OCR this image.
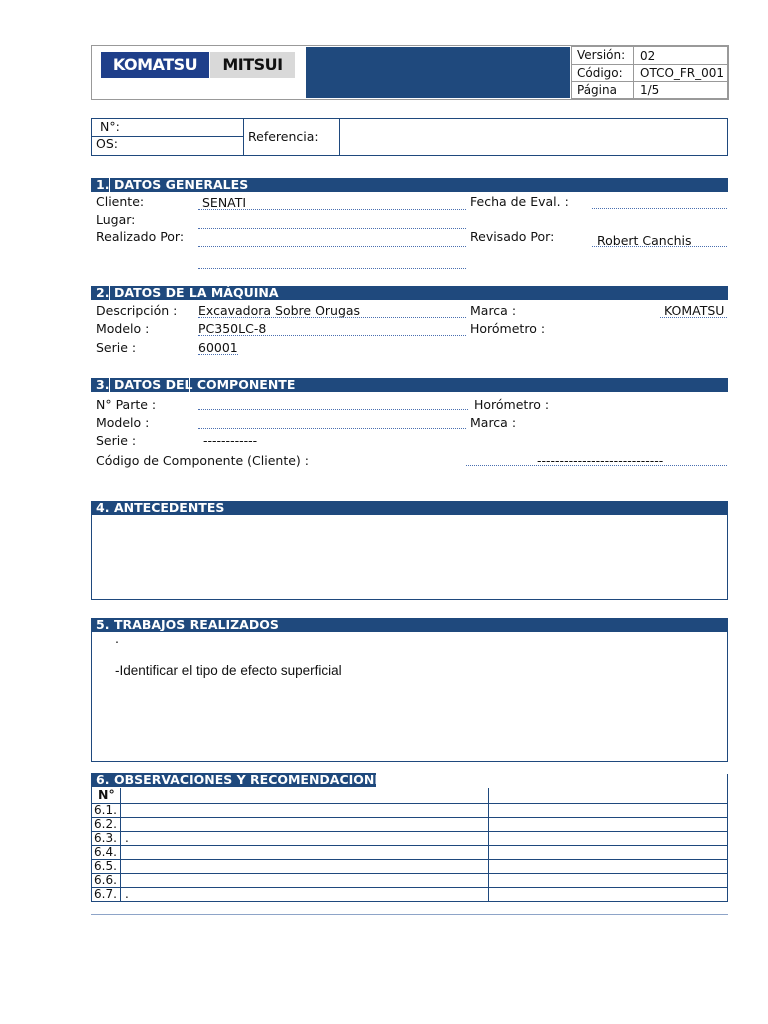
KOMATSU	MITSUI	Versión: 02
Código: OTCO_FR_001
Página 1/5
N°:
OS:	Referencia:
1. DATOS GENERALES
Cliente:	SENATI
Lugar:
Realizado Por:
Fecha de Eval. :
Revisado Por:	Robert Canchis
2. DATOS DE LA MÁQUINA
Descripción : Excavadora Sobre Orugas
Modelo :	PC350LC-8
Serie :	60001
Marca :	KOMATSU
Horómetro :
3. DATOS DEL COMPONENTE
N° Parte :
Modelo :
Serie :	------------
Código de Componente (Cliente) :	----------------------------
Horómetro :
Marca :
4. ANTECEDENTES
5. TRABAJOS REALIZADOS
.
-Identificar el tipo de efecto superficial
6. OBSERVACIONES Y RECOMENDACIONES
N°
6.1.
6.2.
6.3. .
6.4.
6.5.
6.6.
6.7. .
